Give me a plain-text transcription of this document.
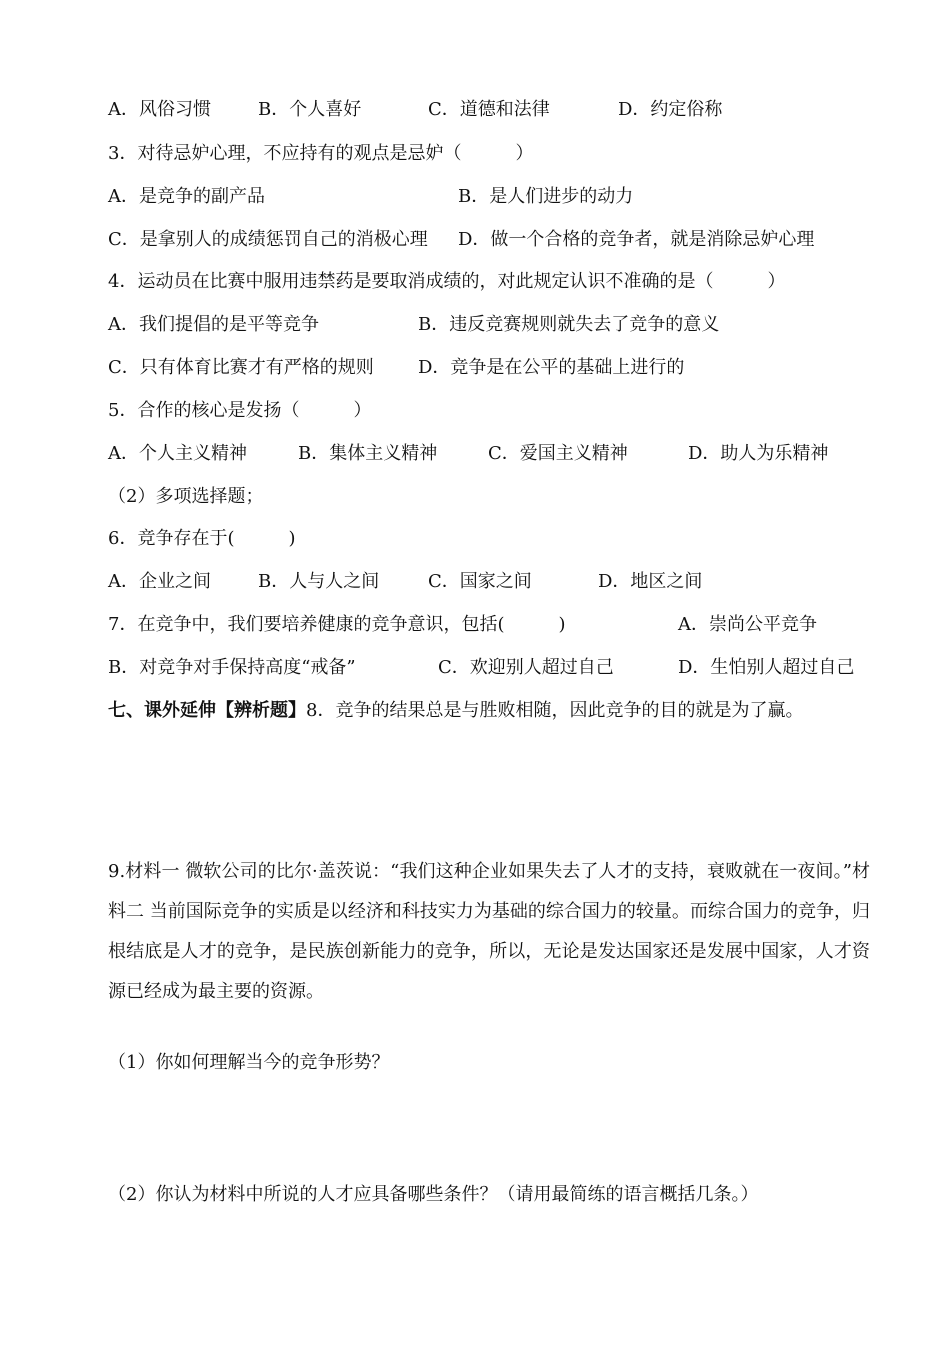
A．风俗习惯	B．个人喜好	C．道德和法律	D．约定俗称
3．对待忌妒心理，不应持有的观点是忌妒（　　　）
A．是竞争的副产品	B．是人们进步的动力
C．是拿别人的成绩惩罚自己的消极心理 D．做一个合格的竞争者，就是消除忌妒心理
4．运动员在比赛中服用违禁药是要取消成绩的，对此规定认识不准确的是（　　　）
A．我们提倡的是平等竞争	B．违反竞赛规则就失去了竞争的意义
C．只有体育比赛才有严格的规则 D．竞争是在公平的基础上进行的
5．合作的核心是发扬（　　　）
A．个人主义精神	B．集体主义精神	C．爱国主义精神	D．助人为乐精神
（2）多项选择题；
6．竞争存在于(　　　)
A．企业之间	B．人与人之间	C．国家之间	D．地区之间
7．在竞争中，我们要培养健康的竞争意识，包括(　　　)	A．崇尚公平竞争
B．对竞争对手保持高度“戒备”	C．欢迎别人超过自己	D．生怕别人超过自己
七、课外延伸【辨析题】8．竞争的结果总是与胜败相随，因此竞争的目的就是为了赢。
9.材料一 微软公司的比尔·盖茨说：“我们这种企业如果失去了人才的支持，衰败就在一夜间。”材料二 当前国际竞争的实质是以经济和科技实力为基础的综合国力的较量。而综合国力的竞争，归根结底是人才的竞争，是民族创新能力的竞争，所以，无论是发达国家还是发展中国家，人才资源已经成为最主要的资源。
（1）你如何理解当今的竞争形势？
（2）你认为材料中所说的人才应具备哪些条件？（请用最简练的语言概括几条。）
